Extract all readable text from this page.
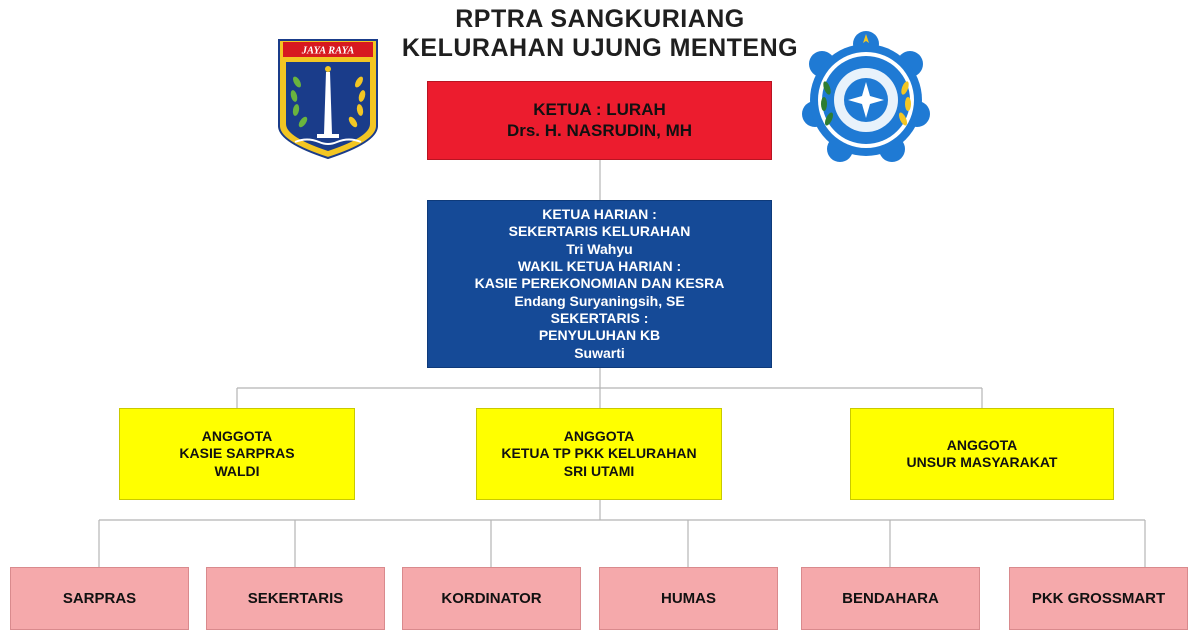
RPTRA SANGKURIANG
KELURAHAN UJUNG MENTENG
JAYA RAYA
KETUA : LURAH
Drs. H. NASRUDIN, MH
KETUA HARIAN :
SEKERTARIS KELURAHAN
Tri Wahyu
WAKIL KETUA HARIAN :
KASIE PEREKONOMIAN DAN KESRA
Endang Suryaningsih, SE
SEKERTARIS :
PENYULUHAN KB
Suwarti
ANGGOTA
KASIE SARPRAS
WALDI
ANGGOTA
KETUA TP PKK KELURAHAN
SRI UTAMI
ANGGOTA
UNSUR MASYARAKAT
SARPRAS	SEKERTARIS	KORDINATOR	HUMAS	BENDAHARA	PKK GROSSMART
